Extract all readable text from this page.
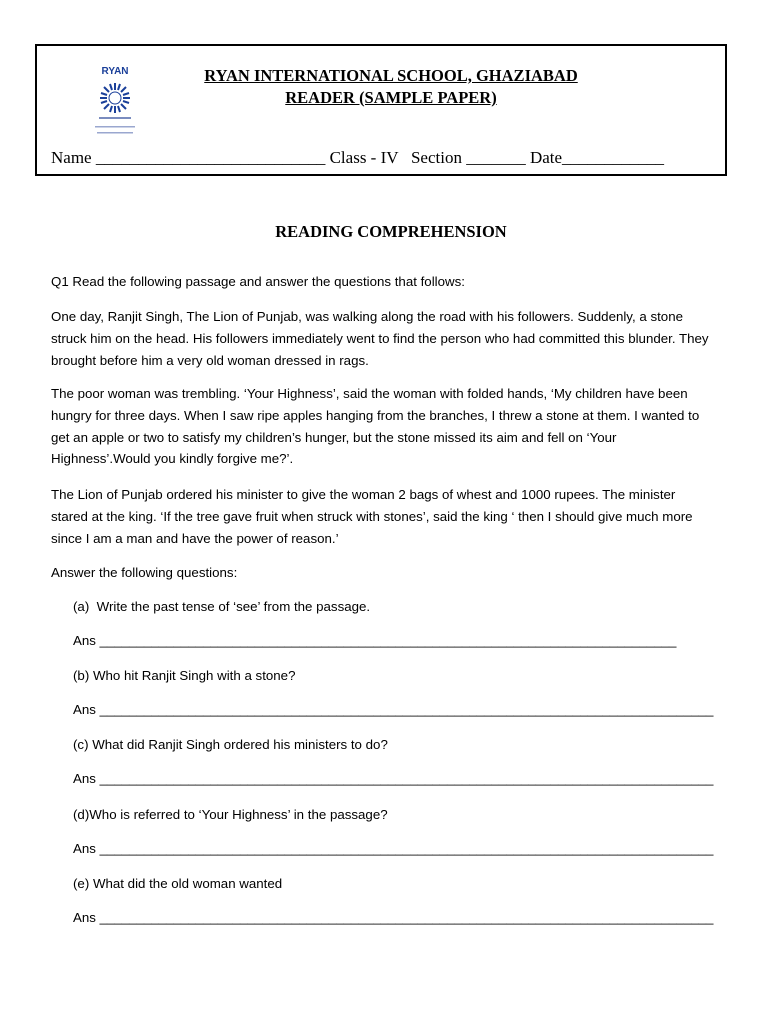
RYAN	RYAN INTERNATIONAL SCHOOL, GHAZIABAD
READER (SAMPLE PAPER)
Name ___________________________ Class - IV   Section _______ Date____________
READING COMPREHENSION
Q1 Read the following passage and answer the questions that follows:
One day, Ranjit Singh, The Lion of Punjab, was walking along the road with his followers. Suddenly, a stone struck him on the head. His followers immediately went to find the person who had committed this blunder. They brought before him a very old woman dressed in rags.
The poor woman was trembling. ‘Your Highness’, said the woman with folded hands, ‘My children have been hungry for three days. When I saw ripe apples hanging from the branches, I threw a stone at them. I wanted to get an apple or two to satisfy my children’s hunger, but the stone missed its aim and fell on ‘Your Highness’.Would you kindly forgive me?’.
The Lion of Punjab ordered his minister to give the woman 2 bags of whest and 1000 rupees. The minister stared at the king. ‘If the tree gave fruit when struck with stones’, said the king ‘ then I should give much more since I am a man and have the power of reason.’
Answer the following questions:
(a)  Write the past tense of ‘see’ from the passage.
Ans ______________________________________________________________________________
(b) Who hit Ranjit Singh with a stone?
Ans ___________________________________________________________________________________
(c) What did Ranjit Singh ordered his ministers to do?
Ans ___________________________________________________________________________________
(d)Who is referred to ‘Your Highness’ in the passage?
Ans ___________________________________________________________________________________
(e) What did the old woman wanted
Ans ___________________________________________________________________________________
